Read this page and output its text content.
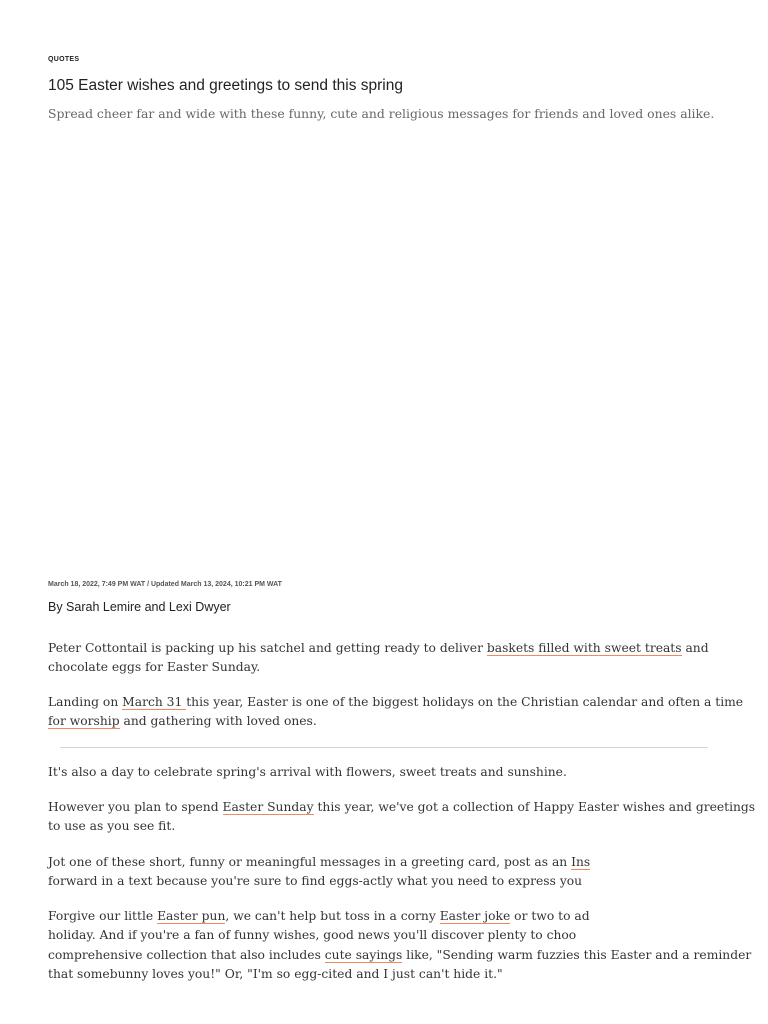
QUOTES
105 Easter wishes and greetings to send this spring

Spread cheer far and wide with these funny, cute and religious messages for friends and loved ones alike.

March 18, 2022, 7:49 PM WAT / Updated March 13, 2024, 10:21 PM WAT
By Sarah Lemire and Lexi Dwyer

Peter Cottontail is packing up his satchel and getting ready to deliver baskets filled with sweet treats and
chocolate eggs for Easter Sunday.

Landing on March 31 this year, Easter is one of the biggest holidays on the Christian calendar and often a time
for worship and gathering with loved ones.

It's also a day to celebrate spring's arrival with flowers, sweet treats and sunshine.

However you plan to spend Easter Sunday this year, we've got a collection of Happy Easter wishes and greetings
to use as you see fit.

Jot one of these short, funny or meaningful messages in a greeting card, post as an Ins
forward in a text because you're sure to find eggs-actly what you need to express you

Forgive our little Easter pun, we can't help but toss in a corny Easter joke or two to ad
holiday. And if you're a fan of funny wishes, good news you'll discover plenty to choo
comprehensive collection that also includes cute sayings like, "Sending warm fuzzies this Easter and a reminder
that somebunny loves you!" Or, "I'm so egg-cited and I just can't hide it."
